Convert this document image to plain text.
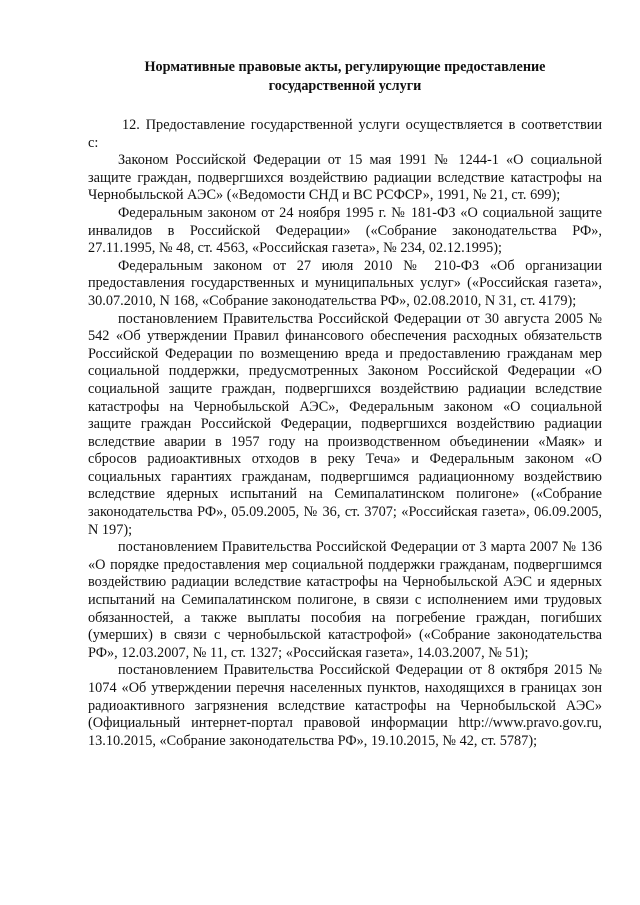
Нормативные правовые акты, регулирующие предоставление
государственной услуги

12. Предоставление государственной услуги осуществляется в соответствии с:

Законом Российской Федерации от 15 мая 1991 № 1244-1 «О социальной защите граждан, подвергшихся воздействию радиации вследствие катастрофы на Чернобыльской АЭС» («Ведомости СНД и ВС РСФСР», 1991, № 21, ст. 699);

Федеральным законом от 24 ноября 1995 г. № 181-ФЗ «О социальной защите инвалидов в Российской Федерации» («Собрание законодательства РФ», 27.11.1995, № 48, ст. 4563, «Российская газета», № 234, 02.12.1995);

Федеральным законом от 27 июля 2010 № 210-ФЗ «Об организации предоставления государственных и муниципальных услуг» («Российская газета», 30.07.2010, N 168, «Собрание законодательства РФ», 02.08.2010, N 31, ст. 4179);

постановлением Правительства Российской Федерации от 30 августа 2005 № 542 «Об утверждении Правил финансового обеспечения расходных обязательств Российской Федерации по возмещению вреда и предоставлению гражданам мер социальной поддержки, предусмотренных Законом Российской Федерации «О социальной защите граждан, подвергшихся воздействию радиации вследствие катастрофы на Чернобыльской АЭС», Федеральным законом «О социальной защите граждан Российской Федерации, подвергшихся воздействию радиации вследствие аварии в 1957 году на производственном объединении «Маяк» и сбросов радиоактивных отходов в реку Теча» и Федеральным законом «О социальных гарантиях гражданам, подвергшимся радиационному воздействию вследствие ядерных испытаний на Семипалатинском полигоне» («Собрание законодательства РФ», 05.09.2005, № 36, ст. 3707; «Российская газета», 06.09.2005, N 197);

постановлением Правительства Российской Федерации от 3 марта 2007 № 136 «О порядке предоставления мер социальной поддержки гражданам, подвергшимся воздействию радиации вследствие катастрофы на Чернобыльской АЭС и ядерных испытаний на Семипалатинском полигоне, в связи с исполнением ими трудовых обязанностей, а также выплаты пособия на погребение граждан, погибших (умерших) в связи с чернобыльской катастрофой» («Собрание законодательства РФ», 12.03.2007, № 11, ст. 1327; «Российская газета», 14.03.2007, № 51);

постановлением Правительства Российской Федерации от 8 октября 2015 № 1074 «Об утверждении перечня населенных пунктов, находящихся в границах зон радиоактивного загрязнения вследствие катастрофы на Чернобыльской АЭС» (Официальный интернет-портал правовой информации http://www.pravo.gov.ru, 13.10.2015, «Собрание законодательства РФ», 19.10.2015, № 42, ст. 5787);
